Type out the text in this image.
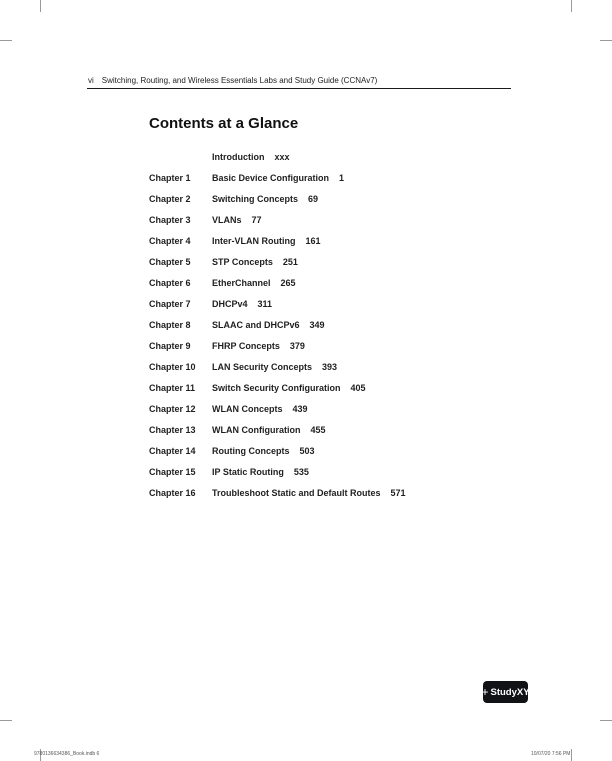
vi Switching, Routing, and Wireless Essentials Labs and Study Guide (CCNAv7)
Contents at a Glance
Introduction xxx
Chapter 1	Basic Device Configuration 1
Chapter 2	Switching Concepts 69
Chapter 3	VLANs 77
Chapter 4	Inter-VLAN Routing 161
Chapter 5	STP Concepts 251
Chapter 6	EtherChannel 265
Chapter 7	DHCPv4 311
Chapter 8	SLAAC and DHCPv6 349
Chapter 9	FHRP Concepts 379
Chapter 10	LAN Security Concepts 393
Chapter 11	Switch Security Configuration 405
Chapter 12	WLAN Concepts 439
Chapter 13	WLAN Configuration 455
Chapter 14	Routing Concepts 503
Chapter 15	IP Static Routing 535
Chapter 16	Troubleshoot Static and Default Routes 571
+ StudyXY
9780136634386_Book.indb 6	10/07/20 7:56 PM
